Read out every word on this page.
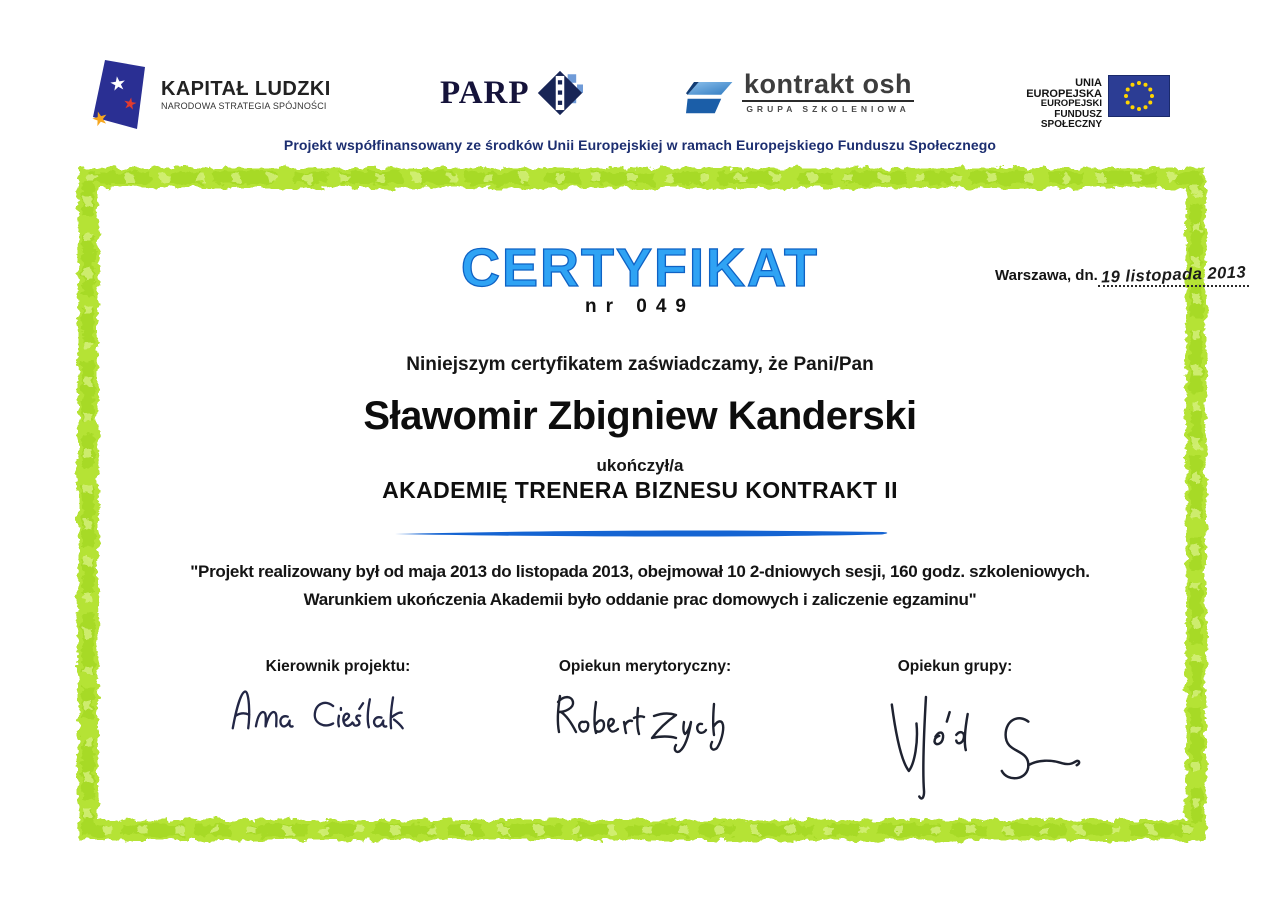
★
★
★
KAPITAŁ LUDZKI
NARODOWA STRATEGIA SPÓJNOŚCI	PARP	kontrakt osh
GRUPA SZKOLENIOWA
UNIA EUROPEJSKA
EUROPEJSKI
FUNDUSZ SPOŁECZNY
Projekt współfinansowany ze środków Unii Europejskiej w ramach Europejskiego Funduszu Społecznego
CERTYFIKAT
nr 049
Warszawa, dn. 19 listopada 2013
Niniejszym certyfikatem zaświadczamy, że Pani/Pan
Sławomir Zbigniew Kanderski
ukończył/a
AKADEMIĘ TRENERA BIZNESU KONTRAKT II
"Projekt realizowany był od maja 2013 do listopada 2013, obejmował 10 2-dniowych sesji, 160 godz. szkoleniowych.
Warunkiem ukończenia Akademii było oddanie prac domowych i zaliczenie egzaminu"
Kierownik projektu:	Opiekun merytoryczny:	Opiekun grupy:
